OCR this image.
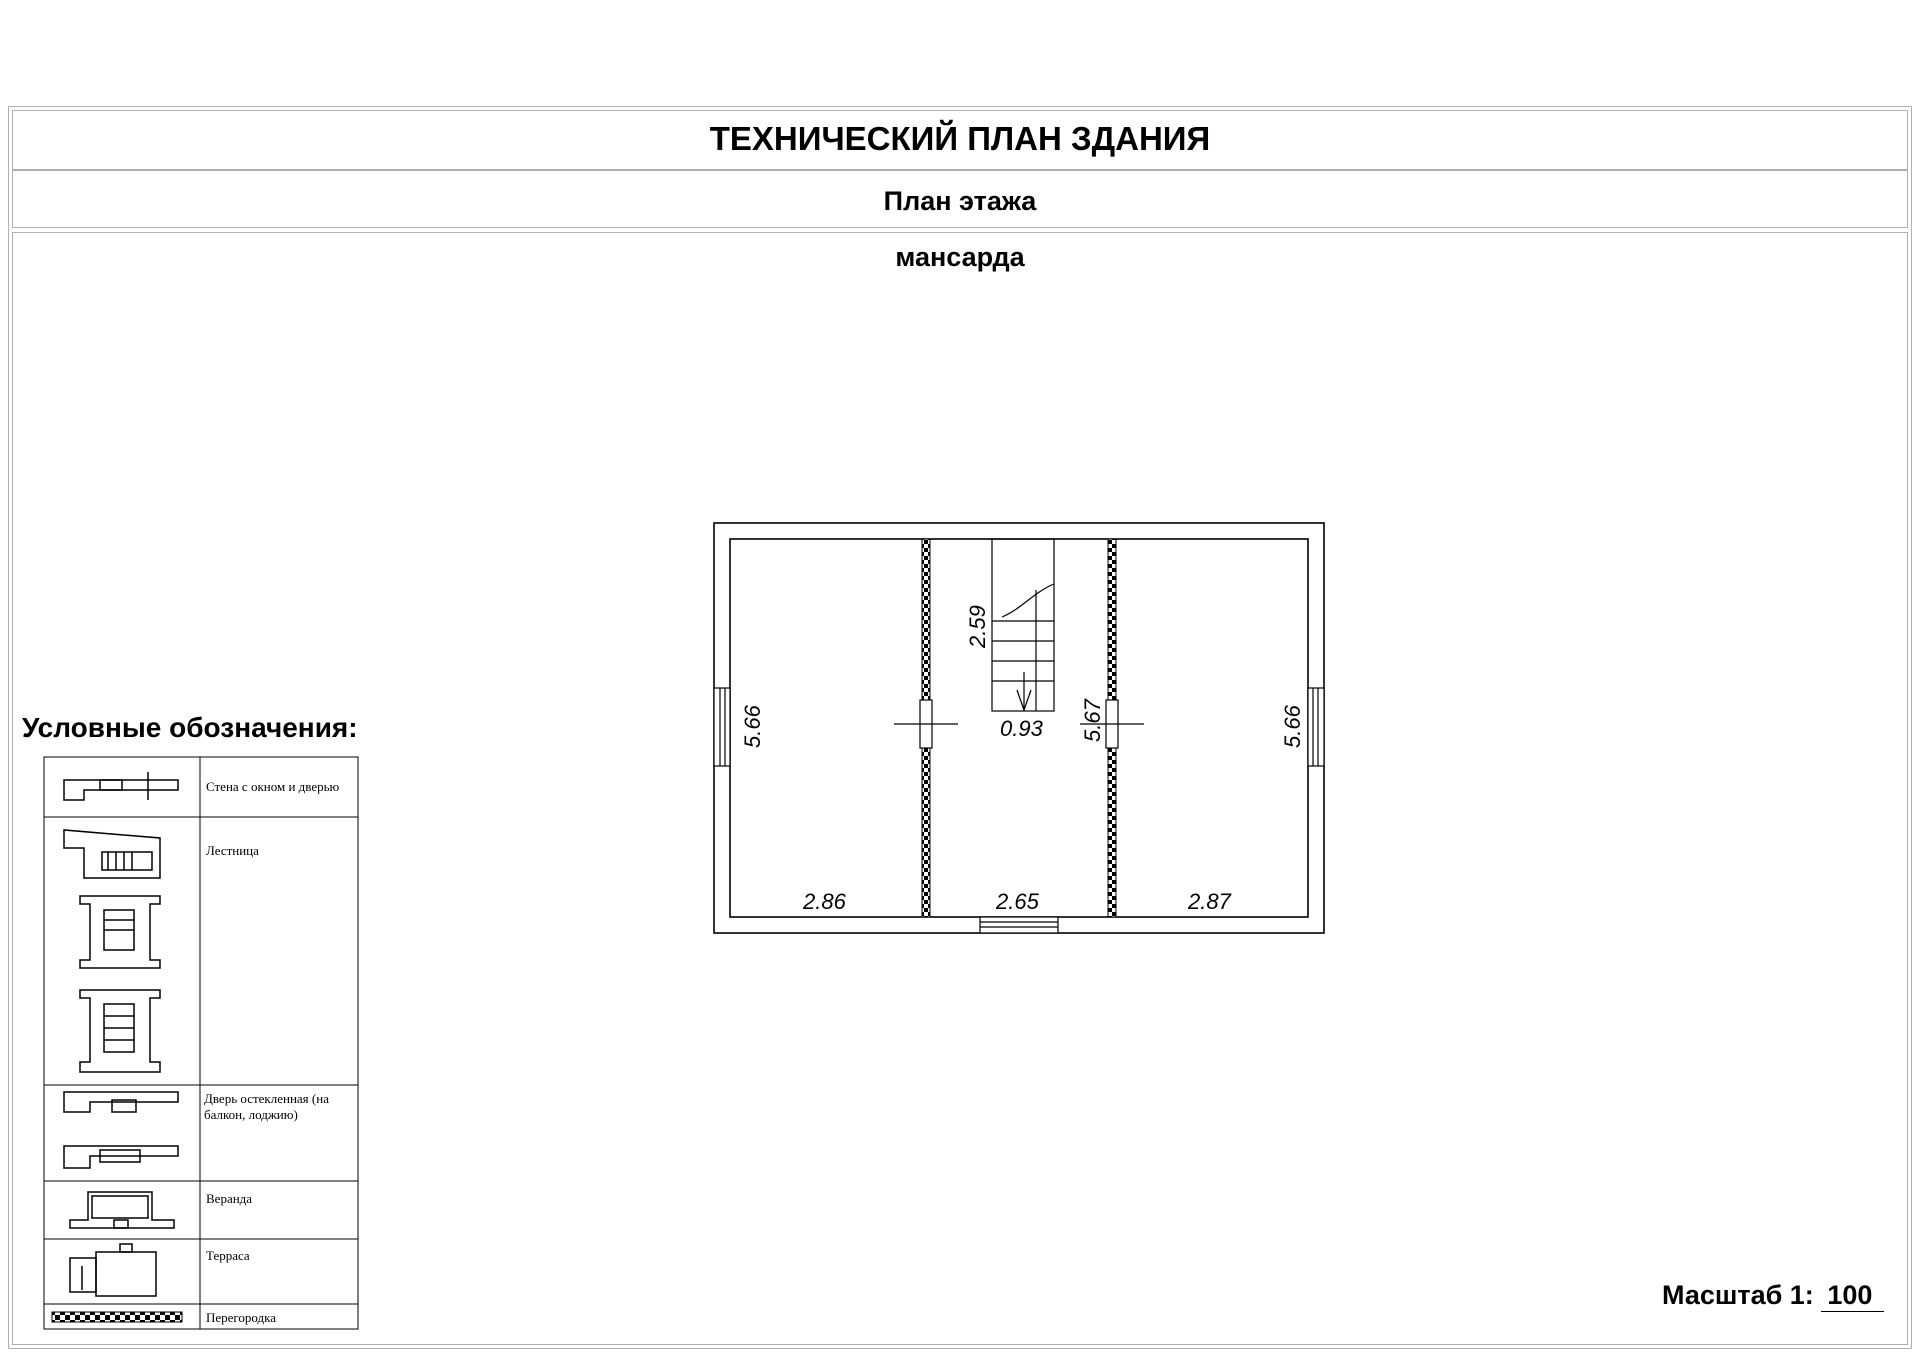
ТЕХНИЧЕСКИЙ ПЛАН ЗДАНИЯ
План этажа
мансарда
5.66
2.86
2.59
0.93 5.67
2.65
5.66
2.87
Условные обозначения:
Стена с окном и дверью
Лестница
Дверь остекленная (на балкон, лоджию)
Веранда
Терраса
Перегородка
Масштаб 1: 100
